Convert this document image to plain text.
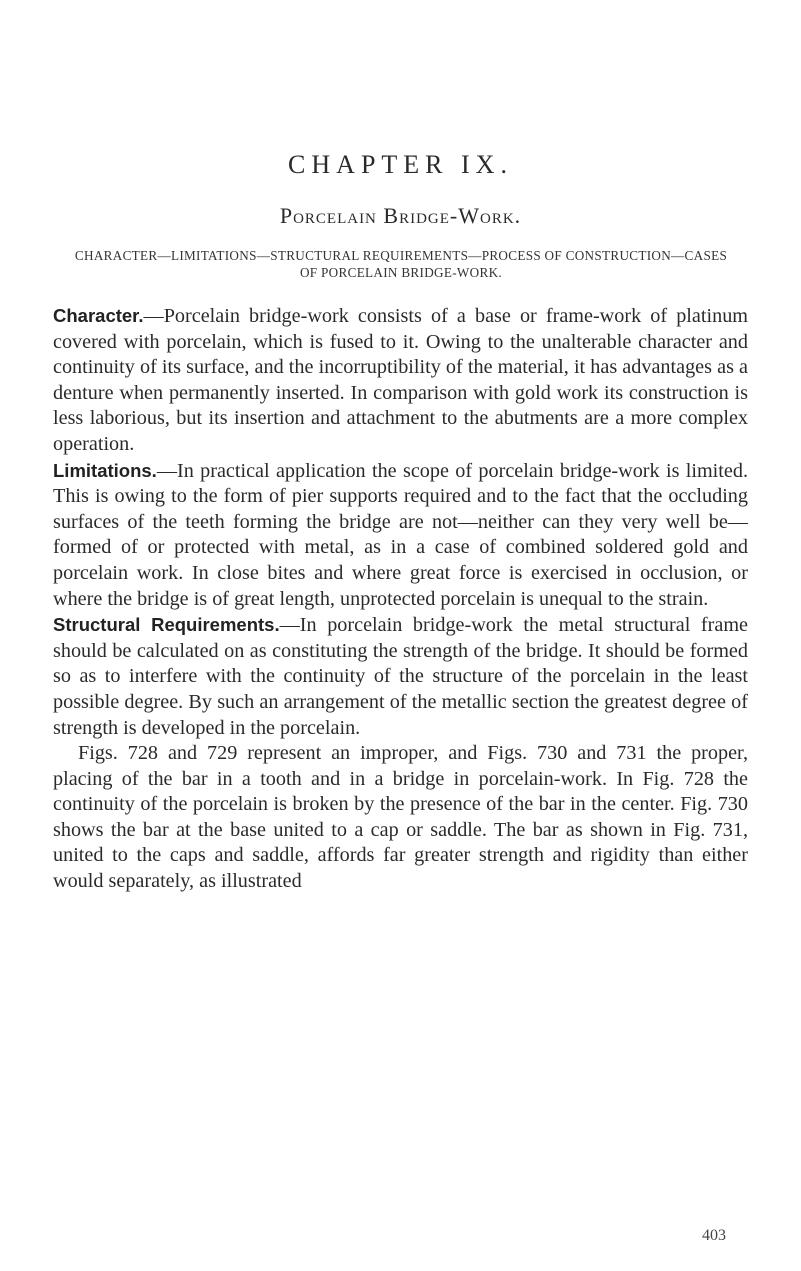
CHAPTER IX.
Porcelain Bridge-Work.
CHARACTER—LIMITATIONS—STRUCTURAL REQUIREMENTS—PROCESS OF CONSTRUCTION—CASES OF PORCELAIN BRIDGE-WORK.

Character.—Porcelain bridge-work consists of a base or frame-work of platinum covered with porcelain, which is fused to it. Owing to the unalterable character and continuity of its surface, and the incorruptibility of the material, it has advantages as a denture when permanently inserted. In comparison with gold work its construction is less laborious, but its insertion and attachment to the abutments are a more complex operation.

Limitations.—In practical application the scope of porcelain bridge-work is limited. This is owing to the form of pier supports required and to the fact that the occluding surfaces of the teeth forming the bridge are not—neither can they very well be—formed of or protected with metal, as in a case of combined soldered gold and porcelain work. In close bites and where great force is exercised in occlusion, or where the bridge is of great length, unprotected porcelain is unequal to the strain.

Structural Requirements.—In porcelain bridge-work the metal structural frame should be calculated on as constituting the strength of the bridge. It should be formed so as to interfere with the continuity of the structure of the porcelain in the least possible degree. By such an arrangement of the metallic section the greatest degree of strength is developed in the porcelain.

Figs. 728 and 729 represent an improper, and Figs. 730 and 731 the proper, placing of the bar in a tooth and in a bridge in porcelain-work. In Fig. 728 the continuity of the porcelain is broken by the presence of the bar in the center. Fig. 730 shows the bar at the base united to a cap or saddle. The bar as shown in Fig. 731, united to the caps and saddle, affords far greater strength and rigidity than either would separately, as illustrated

403
